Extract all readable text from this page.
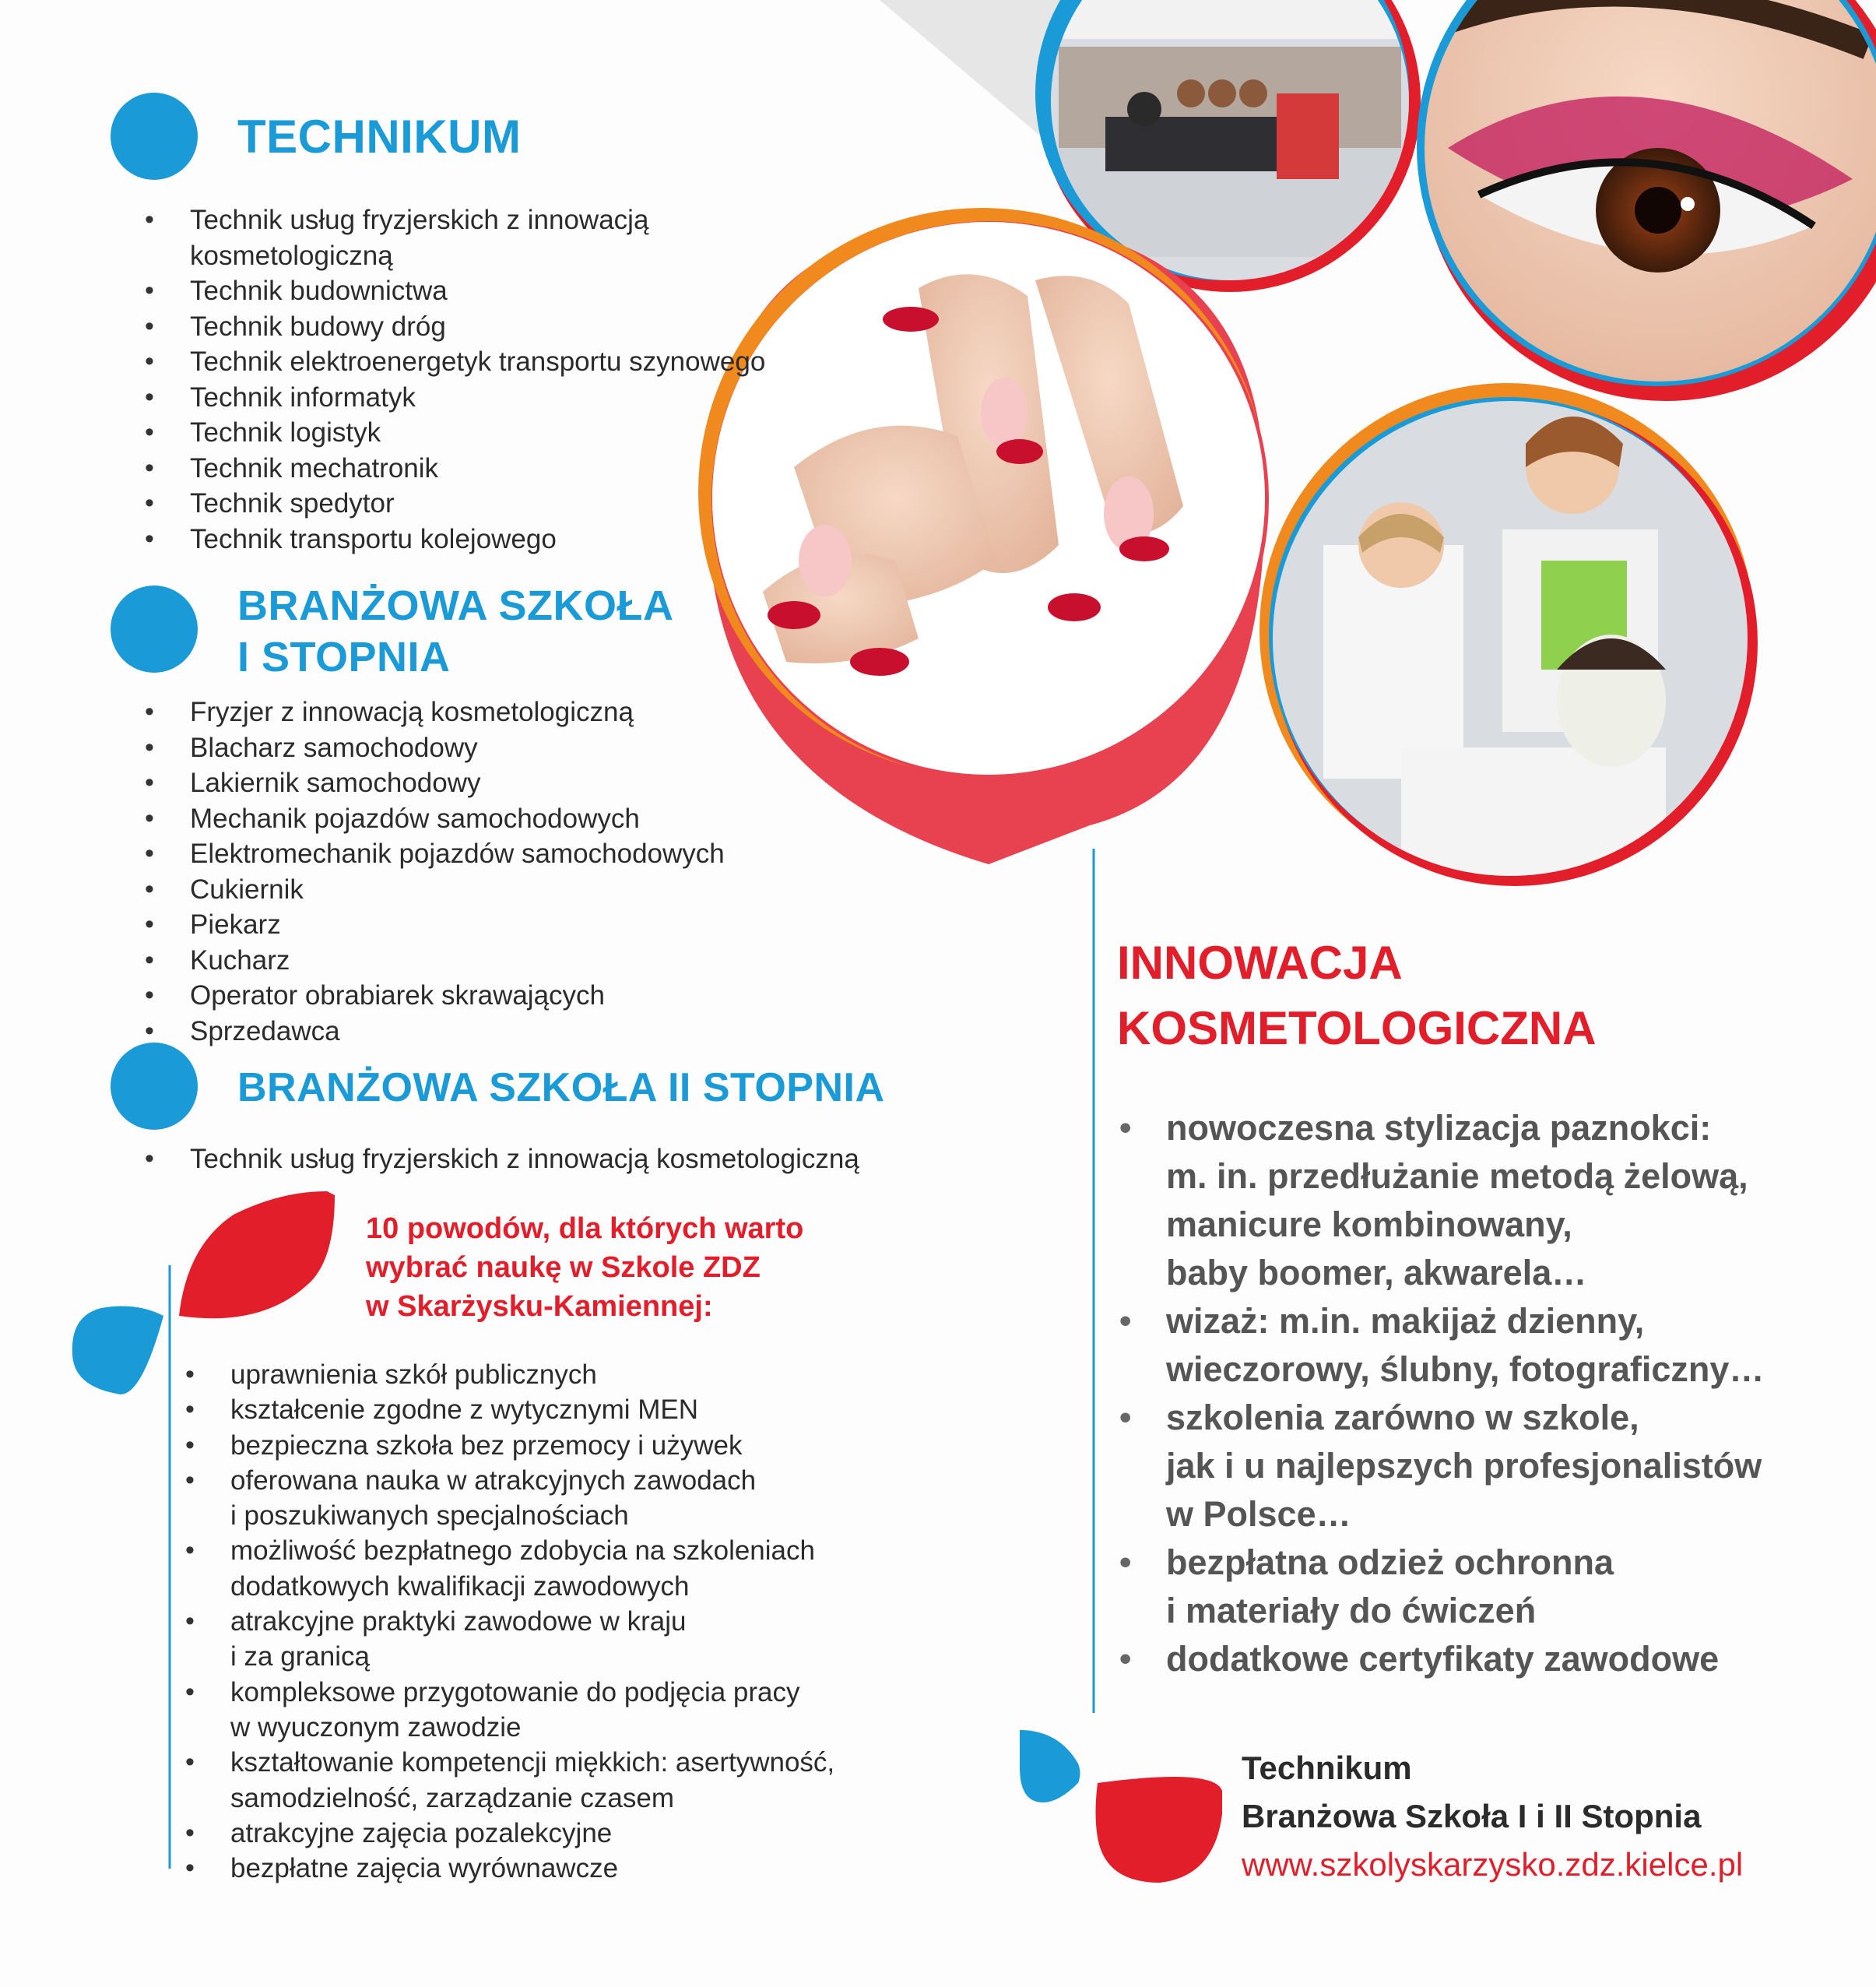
TECHNIKUM
• Technik usług fryzjerskich z innowacją
kosmetologiczną
• Technik budownictwa
• Technik budowy dróg
• Technik elektroenergetyk transportu szynowego
• Technik informatyk
• Technik logistyk
• Technik mechatronik
• Technik spedytor
• Technik transportu kolejowego
BRANŻOWA SZKOŁA
I STOPNIA
• Fryzjer z innowacją kosmetologiczną
• Blacharz samochodowy
• Lakiernik samochodowy
• Mechanik pojazdów samochodowych
• Elektromechanik pojazdów samochodowych
• Cukiernik
• Piekarz
• Kucharz
• Operator obrabiarek skrawających
• Sprzedawca
BRANŻOWA SZKOŁA II STOPNIA
• Technik usług fryzjerskich z innowacją kosmetologiczną
10 powodów, dla których warto
wybrać naukę w Szkole ZDZ
w Skarżysku-Kamiennej:
• uprawnienia szkół publicznych
• kształcenie zgodne z wytycznymi MEN
• bezpieczna szkoła bez przemocy i używek
• oferowana nauka w atrakcyjnych zawodach
i poszukiwanych specjalnościach
• możliwość bezpłatnego zdobycia na szkoleniach
dodatkowych kwalifikacji zawodowych
• atrakcyjne praktyki zawodowe w kraju
i za granicą
• kompleksowe przygotowanie do podjęcia pracy
w wyuczonym zawodzie
• kształtowanie kompetencji miękkich: asertywność,
samodzielność, zarządzanie czasem
• atrakcyjne zajęcia pozalekcyjne
• bezpłatne zajęcia wyrównawcze
INNOWACJA
KOSMETOLOGICZNA
• nowoczesna stylizacja paznokci:
m. in. przedłużanie metodą żelową,
manicure kombinowany,
baby boomer, akwarela…
• wizaż: m.in. makijaż dzienny,
wieczorowy, ślubny, fotograficzny…
• szkolenia zarówno w szkole,
jak i u najlepszych profesjonalistów
w Polsce…
• bezpłatna odzież ochronna
i materiały do ćwiczeń
• dodatkowe certyfikaty zawodowe
Technikum
Branżowa Szkoła I i II Stopnia
www.szkolyskarzysko.zdz.kielce.pl
